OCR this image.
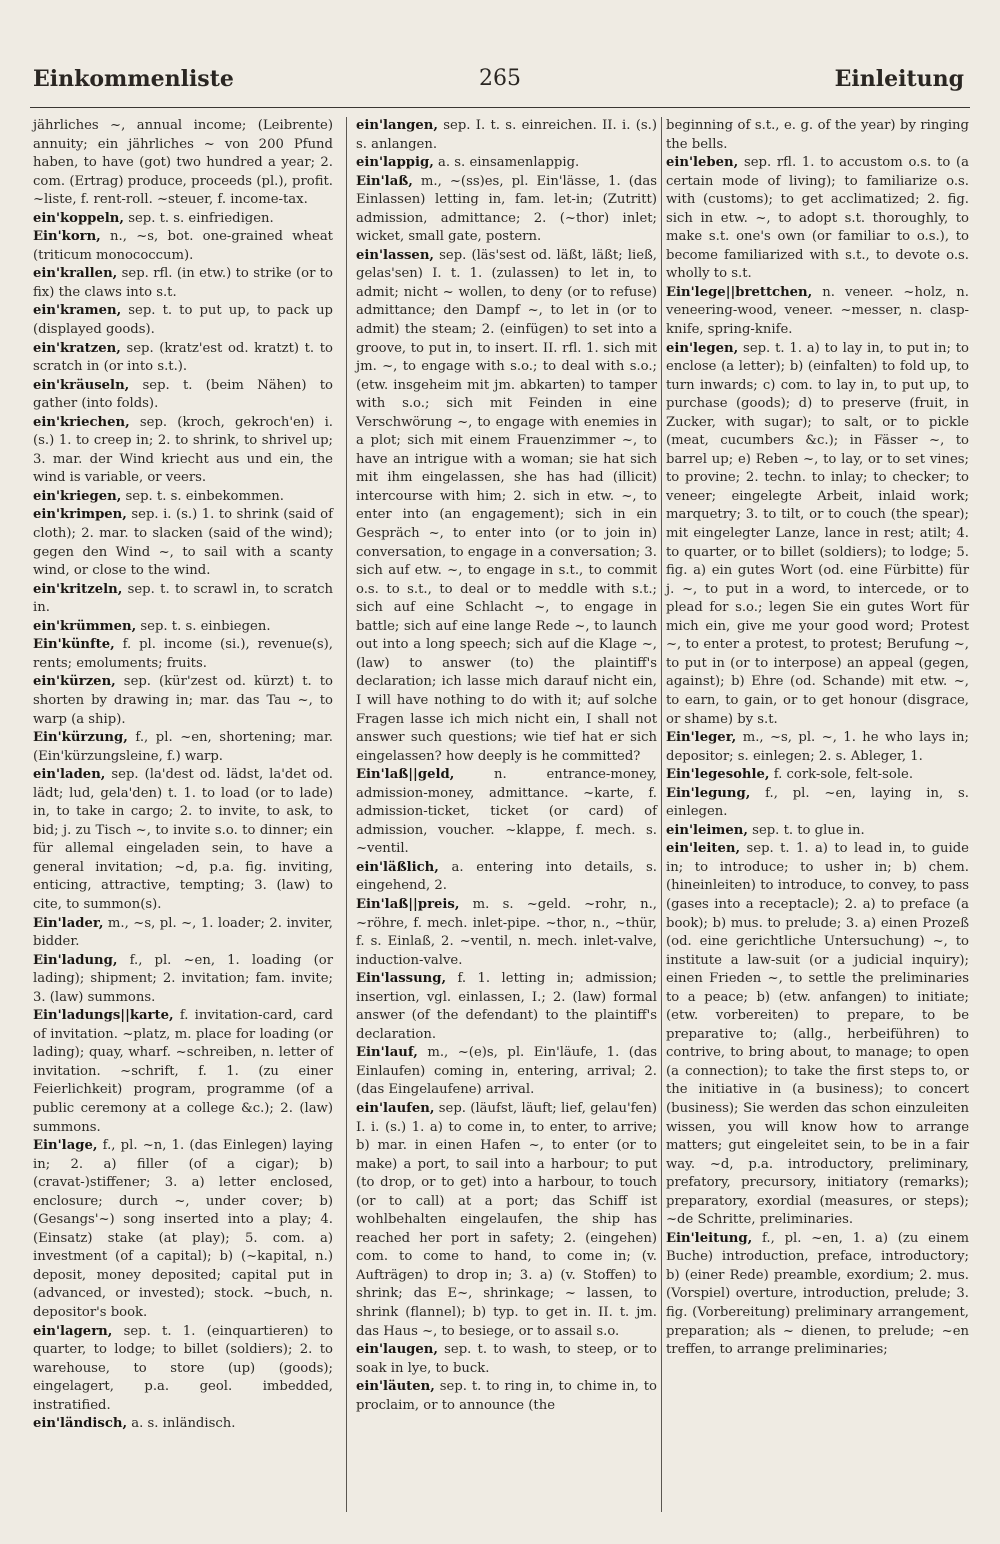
Einkommenliste	265	Einleitung
jährliches ~, annual income; (Leibrente) annuity; ein jährliches ~ von 200 Pfund haben, to have (got) two hundred a year; 2. com. (Ertrag) produce, proceeds (pl.), profit. ~liste, f. rent-roll. ~steuer, f. income-tax.
ein'koppeln, sep. t. s. einfriedigen.
Ein'korn, n., ~s, bot. one-grained wheat (triticum monococcum).
ein'krallen, sep. rfl. (in etw.) to strike (or to fix) the claws into s.t.
ein'kramen, sep. t. to put up, to pack up (displayed goods).
ein'kratzen, sep. (kratz'est od. kratzt) t. to scratch in (or into s.t.).
ein'kräuseln, sep. t. (beim Nähen) to gather (into folds).
ein'kriechen, sep. (kroch, gekroch'en) i. (s.) 1. to creep in; 2. to shrink, to shrivel up; 3. mar. der Wind kriecht aus und ein, the wind is variable, or veers.
ein'kriegen, sep. t. s. einbekommen.
ein'krimpen, sep. i. (s.) 1. to shrink (said of cloth); 2. mar. to slacken (said of the wind); gegen den Wind ~, to sail with a scanty wind, or close to the wind.
ein'kritzeln, sep. t. to scrawl in, to scratch in.
ein'krümmen, sep. t. s. einbiegen.
Ein'künfte, f. pl. income (si.), revenue(s), rents; emoluments; fruits.
ein'kürzen, sep. (kür'zest od. kürzt) t. to shorten by drawing in; mar. das Tau ~, to warp (a ship).
Ein'kürzung, f., pl. ~en, shortening; mar. (Ein'kürzungsleine, f.) warp.
ein'laden, sep. (la'dest od. lädst, la'det od. lädt; lud, gela'den) t. 1. to load (or to lade) in, to take in cargo; 2. to invite, to ask, to bid; j. zu Tisch ~, to invite s.o. to dinner; ein für allemal eingeladen sein, to have a general invitation; ~d, p.a. fig. inviting, enticing, attractive, tempting; 3. (law) to cite, to summon(s).
Ein'lader, m., ~s, pl. ~, 1. loader; 2. inviter, bidder.
Ein'ladung, f., pl. ~en, 1. loading (or lading); shipment; 2. invitation; fam. invite; 3. (law) summons.
Ein'ladungs||karte, f. invitation-card, card of invitation. ~platz, m. place for loading (or lading); quay, wharf. ~schreiben, n. letter of invitation. ~schrift, f. 1. (zu einer Feierlichkeit) program, programme (of a public ceremony at a college &c.); 2. (law) summons.
Ein'lage, f., pl. ~n, 1. (das Einlegen) laying in; 2. a) filler (of a cigar); b) (cravat-)stiffener; 3. a) letter enclosed, enclosure; durch ~, under cover; b) (Gesangs'~) song inserted into a play; 4. (Einsatz) stake (at play); 5. com. a) investment (of a capital); b) (~kapital, n.) deposit, money deposited; capital put in (advanced, or invested); stock. ~buch, n. depositor's book.
ein'lagern, sep. t. 1. (einquartieren) to quarter, to lodge; to billet (soldiers); 2. to warehouse, to store (up) (goods); eingelagert, p.a. geol. imbedded, instratified.
ein'ländisch, a. s. inländisch.
ein'langen, sep. I. t. s. einreichen. II. i. (s.) s. anlangen.
ein'lappig, a. s. einsamenlappig.
Ein'laß, m., ~(ss)es, pl. Ein'lässe, 1. (das Einlassen) letting in, fam. let-in; (Zutritt) admission, admittance; 2. (~thor) inlet; wicket, small gate, postern.
ein'lassen, sep. (läs'sest od. läßt, läßt; ließ, gelas'sen) I. t. 1. (zulassen) to let in, to admit; nicht ~ wollen, to deny (or to refuse) admittance; den Dampf ~, to let in (or to admit) the steam; 2. (einfügen) to set into a groove, to put in, to insert. II. rfl. 1. sich mit jm. ~, to engage with s.o.; to deal with s.o.; (etw. insgeheim mit jm. abkarten) to tamper with s.o.; sich mit Feinden in eine Verschwörung ~, to engage with enemies in a plot; sich mit einem Frauenzimmer ~, to have an intrigue with a woman; sie hat sich mit ihm eingelassen, she has had (illicit) intercourse with him; 2. sich in etw. ~, to enter into (an engagement); sich in ein Gespräch ~, to enter into (or to join in) conversation, to engage in a conversation; 3. sich auf etw. ~, to engage in s.t., to commit o.s. to s.t., to deal or to meddle with s.t.; sich auf eine Schlacht ~, to engage in battle; sich auf eine lange Rede ~, to launch out into a long speech; sich auf die Klage ~, (law) to answer (to) the plaintiff's declaration; ich lasse mich darauf nicht ein, I will have nothing to do with it; auf solche Fragen lasse ich mich nicht ein, I shall not answer such questions; wie tief hat er sich eingelassen? how deeply is he committed?
Ein'laß||geld,	n. entrance-money, admission-money, admittance. ~karte, f. admission-ticket, ticket (or card) of admission, voucher. ~klappe, f. mech. s. ~ventil.
ein'läßlich, a. entering into details, s. eingehend, 2.
Ein'laß||preis, m. s. ~geld. ~rohr, n., ~röhre, f. mech. inlet-pipe. ~thor, n., ~thür, f. s. Einlaß, 2. ~ventil, n. mech. inlet-valve, induction-valve.
Ein'lassung, f. 1. letting in; admission; insertion, vgl. einlassen, I.; 2. (law) formal answer (of the defendant) to the plaintiff's declaration.
Ein'lauf, m., ~(e)s, pl. Ein'läufe, 1. (das Einlaufen) coming in, entering, arrival; 2. (das Eingelaufene) arrival.
ein'laufen, sep. (läufst, läuft; lief, gelau'fen) I. i. (s.) 1. a) to come in, to enter, to arrive; b) mar. in einen Hafen ~, to enter (or to make) a port, to sail into a harbour; to put (to drop, or to get) into a harbour, to touch (or to call) at a port; das Schiff ist wohlbehalten eingelaufen, the ship has reached her port in safety; 2. (eingehen) com. to come to hand, to come in; (v. Aufträgen) to drop in; 3. a) (v. Stoffen) to shrink; das E~, shrinkage; ~ lassen, to shrink (flannel); b) typ. to get in. II. t. jm. das Haus ~, to besiege, or to assail s.o.
ein'laugen, sep. t. to wash, to steep, or to soak in lye, to buck.
ein'läuten, sep. t. to ring in, to chime in, to proclaim, or to announce (the
beginning of s.t., e. g. of the year) by ringing the bells.
ein'leben, sep. rfl. 1. to accustom o.s. to (a certain mode of living); to familiarize o.s. with (customs); to get acclimatized; 2. fig. sich in etw. ~, to adopt s.t. thoroughly, to make s.t. one's own (or familiar to o.s.), to become familiarized with s.t., to devote o.s. wholly to s.t.
Ein'lege||brettchen, n. veneer. ~holz, n. veneering-wood, veneer. ~messer, n. clasp-knife, spring-knife.
ein'legen, sep. t. 1. a) to lay in, to put in; to enclose (a letter); b) (einfalten) to fold up, to turn inwards; c) com. to lay in, to put up, to purchase (goods); d) to preserve (fruit, in Zucker, with sugar); to salt, or to pickle (meat, cucumbers &c.); in Fässer ~, to barrel up; e) Reben ~, to lay, or to set vines; to provine; 2. techn. to inlay; to checker; to veneer; eingelegte Arbeit, inlaid work; marquetry; 3. to tilt, or to couch (the spear); mit eingelegter Lanze, lance in rest; atilt; 4. to quarter, or to billet (soldiers); to lodge; 5. fig. a) ein gutes Wort (od. eine Fürbitte) für j. ~, to put in a word, to intercede, or to plead for s.o.; legen Sie ein gutes Wort für mich ein, give me your good word; Protest ~, to enter a protest, to protest; Berufung ~, to put in (or to interpose) an appeal (gegen, against); b) Ehre (od. Schande) mit etw. ~, to earn, to gain, or to get honour (disgrace, or shame) by s.t.
Ein'leger, m., ~s, pl. ~, 1. he who lays in; depositor; s. einlegen; 2. s. Ableger, 1.
Ein'legesohle, f. cork-sole, felt-sole.
Ein'legung, f., pl. ~en, laying in, s. einlegen.
ein'leimen, sep. t. to glue in.
ein'leiten, sep. t. 1. a) to lead in, to guide in; to introduce; to usher in; b) chem. (hineinleiten) to introduce, to convey, to pass (gases into a receptacle); 2. a) to preface (a book); b) mus. to prelude; 3. a) einen Prozeß (od. eine gerichtliche Untersuchung) ~, to institute a law-suit (or a judicial inquiry); einen Frieden ~, to settle the preliminaries to a peace; b) (etw. anfangen) to initiate; (etw. vorbereiten) to prepare, to be preparative to; (allg., herbeiführen) to contrive, to bring about, to manage; to open (a connection); to take the first steps to, or the initiative in (a business); to concert (business); Sie werden das schon einzuleiten wissen, you will know how to arrange matters; gut eingeleitet sein, to be in a fair way. ~d, p.a. introductory, preliminary, prefatory, precursory, initiatory (remarks); preparatory, exordial (measures, or steps); ~de Schritte, preliminaries.
Ein'leitung, f., pl. ~en, 1. a) (zu einem Buche) introduction, preface, introductory; b) (einer Rede) preamble, exordium; 2. mus. (Vorspiel) overture, introduction, prelude; 3. fig. (Vorbereitung) preliminary arrangement, preparation; als ~ dienen, to prelude; ~en treffen, to arrange preliminaries;
